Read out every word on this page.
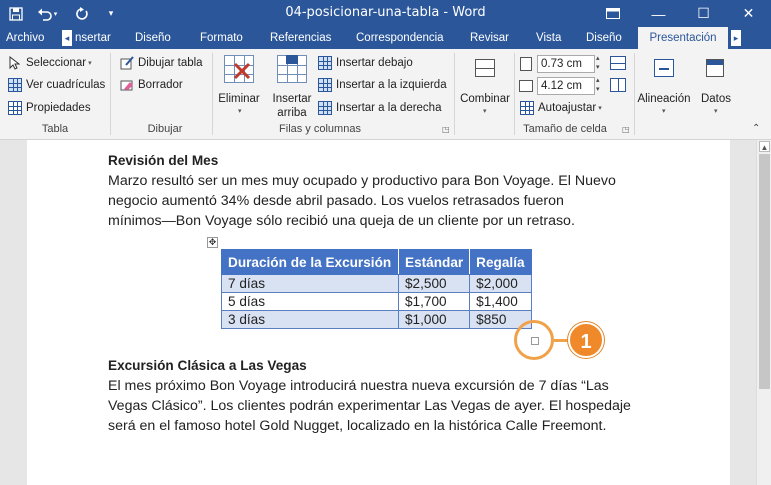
▾	▾	04-posicionar-una-tabla - Word	—	☐	✕
Archivo	◂ nsertar Diseño	Formato Referencias Correspondencia Revisar Vista Diseño	Presentación	▸
Seleccionar ▾
Ver cuadrículas
Propiedades
Tabla
Dibujar tabla
Borrador
Dibujar
Eliminar
▾
Insertar
arriba
Insertar debajo
Insertar a la izquierda
Insertar a la derecha
Filas y columnas	◳
Combinar
▾
0.73 cm	▴
▾
4.12 cm	▴
▾
Autoajustar ▾
Tamaño de celda	◳
Alineación
▾
Datos
▾
⌃
▲
Revisión del Mes
Marzo resultó ser un mes muy ocupado y productivo para Bon Voyage. El Nuevo
negocio aumentó 34% desde abril pasado. Los vuelos retrasados fueron
mínimos—Bon Voyage sólo recibió una queja de un cliente por un retraso.
✥
Duración de la Excursión	Estándar	Regalía
7 días	$2,500	$2,000
5 días	$1,700	$1,400
3 días	$1,000	$850
1
Excursión Clásica a Las Vegas
El mes próximo Bon Voyage introducirá nuestra nueva excursión de 7 días “Las
Vegas Clásico”. Los clientes podrán experimentar Las Vegas de ayer. El hospedaje
será en el famoso hotel Gold Nugget, localizado en la histórica Calle Freemont.
